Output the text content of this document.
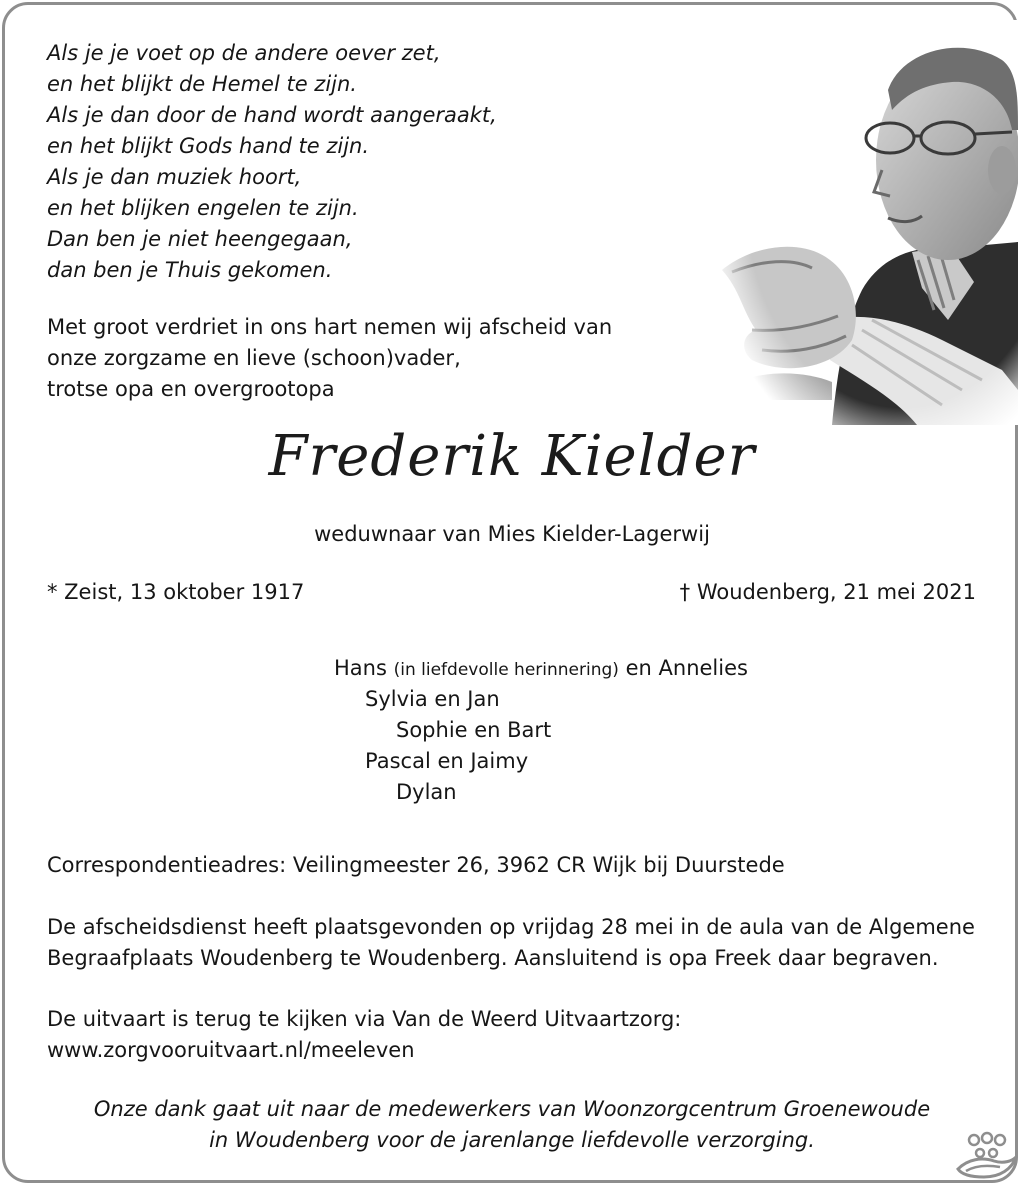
Als je je voet op de andere oever zet,
en het blijkt de Hemel te zijn.
Als je dan door de hand wordt aangeraakt,
en het blijkt Gods hand te zijn.
Als je dan muziek hoort,
en het blijken engelen te zijn.
Dan ben je niet heengegaan,
dan ben je Thuis gekomen.
Met groot verdriet in ons hart nemen wij afscheid van
onze zorgzame en lieve (schoon)vader,
trotse opa en overgrootopa
Frederik Kielder
weduwnaar van Mies Kielder-Lagerwij
* Zeist, 13 oktober 1917	† Woudenberg, 21 mei 2021
Hans (in liefdevolle herinnering) en Annelies
Sylvia en Jan
Sophie en Bart
Pascal en Jaimy
Dylan
Correspondentieadres: Veilingmeester 26, 3962 CR Wijk bij Duurstede
De afscheidsdienst heeft plaatsgevonden op vrijdag 28 mei in de aula van de Algemene
Begraafplaats Woudenberg te Woudenberg. Aansluitend is opa Freek daar begraven.
De uitvaart is terug te kijken via Van de Weerd Uitvaartzorg:
www.zorgvooruitvaart.nl/meeleven
Onze dank gaat uit naar de medewerkers van Woonzorgcentrum Groenewoude
in Woudenberg voor de jarenlange liefdevolle verzorging.
